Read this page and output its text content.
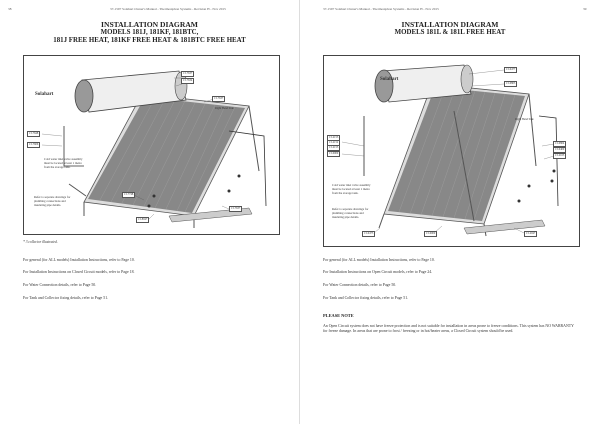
38	37-1597 Solahart Owner's Manual - Thermosiphon Systems - Revision H - Nov 2015
INSTALLATION DIAGRAM
MODELS 181J, 181KF, 181BTC,
181J FREE HEAT, 181KF FREE HEAT & 181BTC FREE HEAT
Solahart
13-7637
13-7634
13-7637
Right Hand Side
13-7648
13-7606
13-7748
13-8047
13-7637
Cold water inlet valve assembly must be located at least 1 metre from the storage tank.
Refer to separate drawings for plumbing connections and insulating pipe details.
* 3 collector illustrated.
For general (for ALL models) Installation Instructions, refer to Page 10.
For Installation Instructions on Closed Circuit models, refer to Page 18.
For Water Connection details, refer to Page 50.
For Tank and Collector fixing details, refer to Page 51.
37-1597 Solahart Owner's Manual - Thermosiphon Systems - Revision H - Nov 2015	39
INSTALLATION DIAGRAM
MODELS 181L & 181L FREE HEAT
Solahart
13-0477
13-0803
Right Hand Side
13-2153
13-2152
13-2155
13-0000
13-0804
13-0400
13-2163
13-0475	13-0000	13-2047
Cold water inlet valve assembly must be located at least 1 metre from the storage tank.
Refer to separate drawings for plumbing connections and insulating pipe details.
For general (for ALL models) Installation Instructions, refer to Page 10.
For Installation Instructions on Open Circuit models, refer to Page 24.
For Water Connection details, refer to Page 50.
For Tank and Collector fixing details, refer to Page 51.
PLEASE NOTE
An Open Circuit system does not have freeze protection and is not suitable for installation in areas prone to freeze conditions. This system has NO WARRANTY for freeze damage. In areas that are prone to frost / freezing or in hot/heater areas, a Closed Circuit system should be used.
